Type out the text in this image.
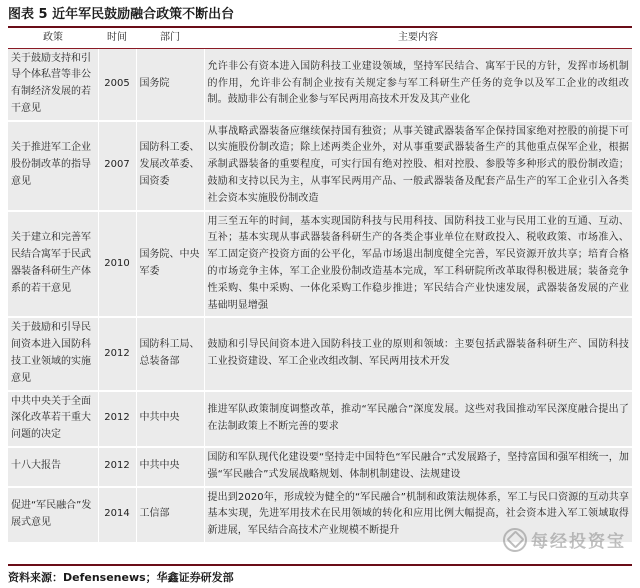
图表 5 近年军民鼓励融合政策不断出台
政策	时间	部门	主要内容
关于鼓励支持和引导个体私营等非公有制经济发展的若干意见	2005	国务院	允许非公有资本进入国防科技工业建设领域，坚持军民结合、寓军于民的方针，发挥市场机制的作用，允许非公有制企业按有关规定参与军工科研生产任务的竞争以及军工企业的改组改制。鼓励非公有制企业参与军民两用高技术开发及其产业化
关于推进军工企业股份制改革的指导意见	2007	国防科工委、发展改革委、国资委	从事战略武器装备应继续保持国有独资；从事关键武器装备军企保持国家绝对控股的前提下可以实施股份制改造；除上述两类企业外，对从事重要武器装备生产的其他重点保军企业，根据承制武器装备的重要程度，可实行国有绝对控股、相对控股、参股等多种形式的股份制改造；鼓励和支持以民为主，从事军民两用产品、一般武器装备及配套产品生产的军工企业引入各类社会资本实施股份制改造
关于建立和完善军民结合寓军于民武器装备科研生产体系的若干意见	2010	国务院、中央军委	用三至五年的时间，基本实现国防科技与民用科技、国防科技工业与民用工业的互通、互动、互补；基本实现从事武器装备科研生产的各类企事业单位在财政投入、税收政策、市场准入、军工固定资产投资方面的公平化，军品市场退出制度健全完善，军民资源开放共享；培育合格的市场竞争主体，军工企业股份制改造基本完成，军工科研院所改革取得积极进展；装备竞争性采购、集中采购、一体化采购工作稳步推进；军民结合产业快速发展，武器装备发展的产业基础明显增强
关于鼓励和引导民间资本进入国防科技工业领域的实施意见	2012	国防科工局、总装备部	鼓励和引导民间资本进入国防科技工业的原则和领域：主要包括武器装备科研生产、国防科技工业投资建设、军工企业改组改制、军民两用技术开发
中共中央关于全面深化改革若干重大问题的决定	2012	中共中央	推进军队政策制度调整改革，推动“军民融合”深度发展。这些对我国推动军民深度融合提出了在法制政策上不断完善的要求
十八大报告	2012	中共中央	国防和军队现代化建设要“坚持走中国特色“军民融合”式发展路子，坚持富国和强军相统一，加强“军民融合”式发展战略规划、体制机制建设、法规建设
促进“军民融合”发展式意见	2014	工信部	提出到2020年，形成较为健全的“军民融合”机制和政策法规体系，军工与民口资源的互动共享基本实现，先进军用技术在民用领域的转化和应用比例大幅提高，社会资本进入军工领域取得新进展，军民结合高技术产业规模不断提升
每经投资宝
资料来源：Defensenews；华鑫证券研发部
